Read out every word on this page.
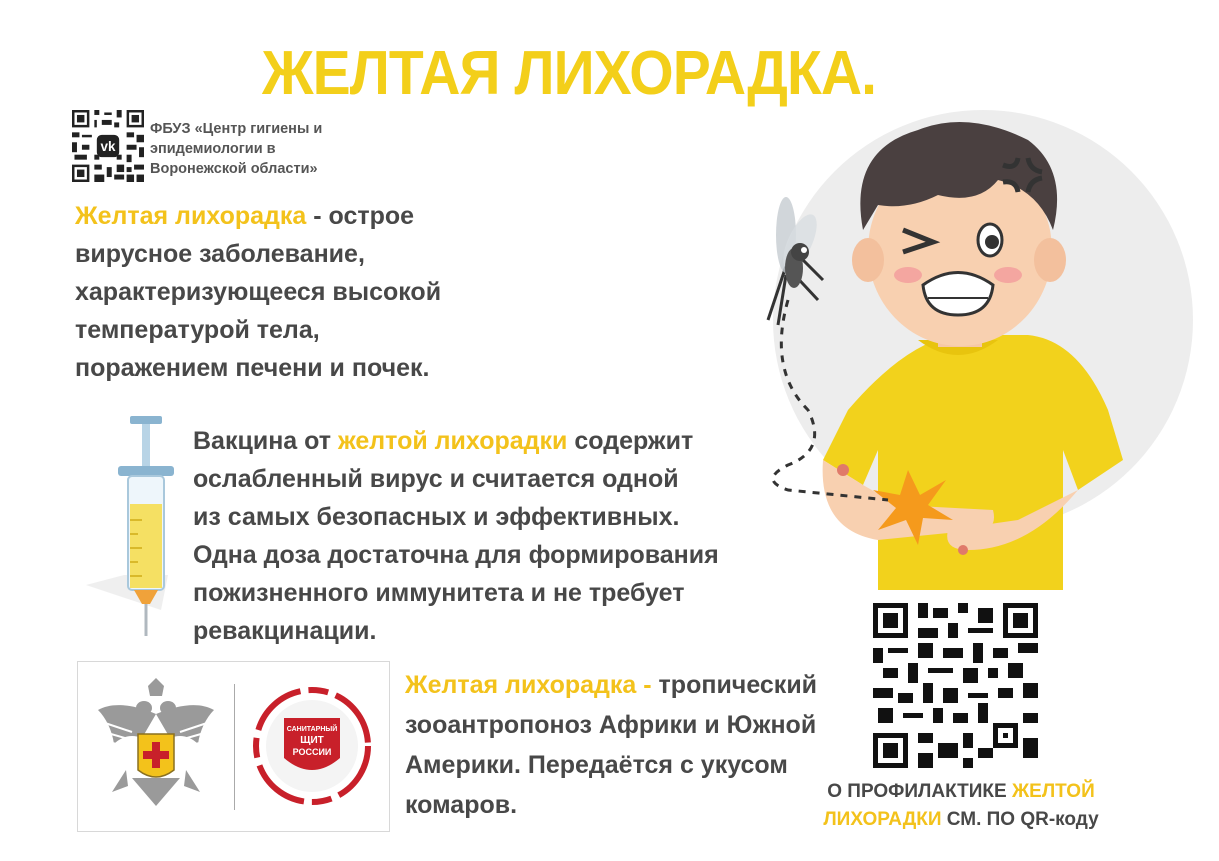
ЖЕЛТАЯ ЛИХОРАДКА.
vk
ФБУЗ «Центр гигиены и
эпидемиологии в
Воронежской области»
Желтая лихорадка - острое
вирусное заболевание,
характеризующееся высокой
температурой тела,
поражением печени и почек.
Вакцина от желтой лихорадки содержит
ослабленный вирус и считается одной
из самых безопасных и эффективных.
Одна доза достаточна для формирования
пожизненного иммунитета и не требует
ревакцинации.
САНИТАРНЫЙ
ЩИТ
РОССИИ
Желтая лихорадка - тропический
зооантропоноз Африки и Южной
Америки. Передаётся с укусом
комаров.	О ПРОФИЛАКТИКЕ ЖЕЛТОЙ
ЛИХОРАДКИ СМ. ПО QR-коду
